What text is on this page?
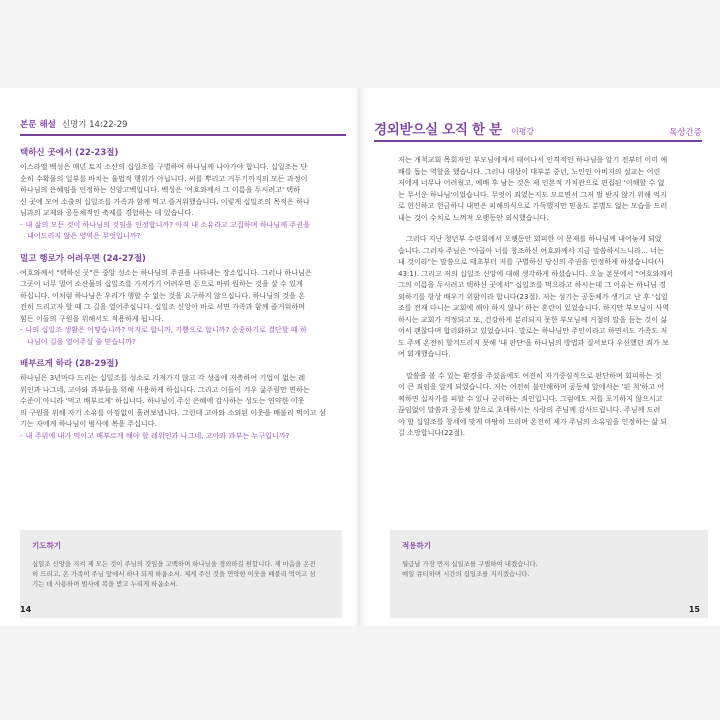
본문 해설 신명기 14:22-29
택하신 곳에서 (22-23절)

이스라엘 백성은 매년 토지 소산의 십일조를 구별하여 하나님께 나아가야 합니다. 십일조는 단

순히 수확물의 일부를 바치는 율법적 행위가 아닙니다. 씨를 뿌리고 거두기까지의 모든 과정이

하나님의 은혜임을 인정하는 신앙고백입니다. 백성은 '여호와께서 그 이름을 두시려고' 택하

신 곳에 모여 소출의 십일조를 가족과 함께 먹고 즐거워했습니다. 이렇게 십일조의 목적은 하나

님과의 교제와 공동체적인 축제를 경험하는 데 있습니다.

- 내 삶의 모든 것이 하나님의 것임을 인정합니까? 아직 내 소유라고 고집하며 하나님께 주권을
내어드리지 않은 영역은 무엇입니까?
멀고 행로가 어려우면 (24-27절)

여호와께서 "택하신 곳"은 중앙 성소는 하나님의 주권을 나타내는 장소입니다. 그러나 하나님은

그곳이 너무 멀어 소산물의 십일조를 가져가기 어려우면 돈으로 바꿔 원하는 것을 살 수 있게

하십니다. 이처럼 하나님은 우리가 행할 수 없는 것을 요구하지 않으십니다. 하나님의 것을 온

전히 드리고자 할 때 그 길을 열어주십니다. 십일조 신앙이 바로 서면 가족과 함께 즐거워하며

힘든 이들의 구원을 위해서도 적용하게 됩니다.

- 나의 십일조 생활은 어떻습니까? 억지로 합니까, 기쁨으로 합니까? 순종하기로 결단할 때 하
나님이 길을 열어주실 줄 믿습니까?
배부르게 하라 (28-29절)

하나님은 3년마다 드리는 십일조를 성소로 가져가지 않고 각 성읍에 저축하여 기업이 없는 레

위인과 나그네, 고아와 과부들을 위해 사용하게 하십니다. 그리고 이들이 겨우 굶주림만 면하는

수준이 아니라 '먹고 배부르게' 하십니다. 하나님이 주신 은혜에 감사하는 성도는 연약한 이웃

의 구원을 위해 자기 소유를 아낌없이 흘려보냅니다. 그런데 고아와 소외된 이웃을 배불리 먹이고 섬

기는 자에게 하나님이 범사에 복을 주십니다.

- 내 주위에 내가 먹이고 배부르게 해야 할 레위인과 나그네, 고아와 과부는 누구입니까?
기도하기

십일조 신앙을 지켜 제 모든 것이 주님의 것임을 고백하며 하나님을 경외하길 원합니다. 제 마음을 온전

히 드리고, 온 가족이 주님 앞에서 하나 되게 하옵소서. 제게 주신 것을 연약한 이웃을 배불리 먹이고 섬

기는 데 사용하며 범사에 복을 받고 누리게 하옵소서.

14
경외받으실 오직 한 분 이평강	목상간증
저는 개척교회 목회자인 부모님에게서 태어나서 인격적인 하나님을 알기 전부터 이미 예
배를 돕는 역할을 했습니다. 그러나 대상이 대부분 중년, 노인인 아버지의 설교는 어린
저에게 너무나 어려웠고, 예배 후 남는 것은 제 인본적 가치관으로 편집된 '이해할 수 없
는 무서운 하나님'이었습니다. 무엇이 죄였는지도 모르면서 그저 벌 받지 않기 위해 억지
로 헌신하고 헌금하니 내면은 피해의식으로 가득했지만 믿음도 분별도 없는 모습을 드러
내는 것이 수치로 느껴져 오랫동안 외식했습니다.
그러다 지난 청년부 수련회에서 오랫동안 회피한 이 문제를 하나님께 내어놓게 되었
습니다. 그러자 주님은 "아곱아 너를 창조하신 여호와께서 지금 말씀하시느니라… 너는
내 것이라"는 말씀으로 태초부터 저를 구별하신 당신의 주권을 인정하게 하셨습니다(사
43:1). 그리고 저의 십일조 신앙에 대해 생각하게 하셨습니다. 오늘 본문에서 "여호와께서
그의 이름을 두시려고 택하신 곳에서" 십일조를 먹으라고 하시는데 그 이유는 하나님 경
외하기를 항상 배우기 위함이라 합니다(23절). 저는 섬기는 공동체가 생기고 난 후 '십일
조를 전재 다니는 교회에 해야 하지 않나' 하는 혼란이 있었습니다. 하지만 부모님이 사역
하시는 교회가 걱정되고 또, 건강하게 분리되지 못한 부모님께 거절의 말을 듣는 것이 싫
어서 괜찮다며 합리화하고 있었습니다. 말로는 하나님만 주인이라고 하면서도 가족도 저
도 주께 온전히 할겨드리지 못해 '내 판단'을 하나님의 방법과 질서보다 우선했던 죄가 보
여 회개했습니다.
말씀을 볼 수 있는 환경을 주셨음에도 여전히 자기중심적으로 판단하며 회피하는 것
이 큰 죄임을 알게 되었습니다. 저는 여전히 불안해하며 공동체 앞에서는 '된 척'하고 어
찌하면 십자가를 피할 수 있나 궁리하는 죄인입니다. 그럼에도 저를 포기하지 않으시고
끊임없이 말씀과 공동체 앞으로 초대하시는 사랑의 주님께 감사드립니다. 주님께 드려
야 할 십일조를 창세에 맞게 마땅히 드리며 온전히 제가 주님의 소유임을 인정하는 삶 되
길 소망합니다(22절).
적용하기

월급날 가장 먼저 십일조를 구별하여 내겠습니다.

매일 큐티하며 시간의 십일조를 지키겠습니다.

15
